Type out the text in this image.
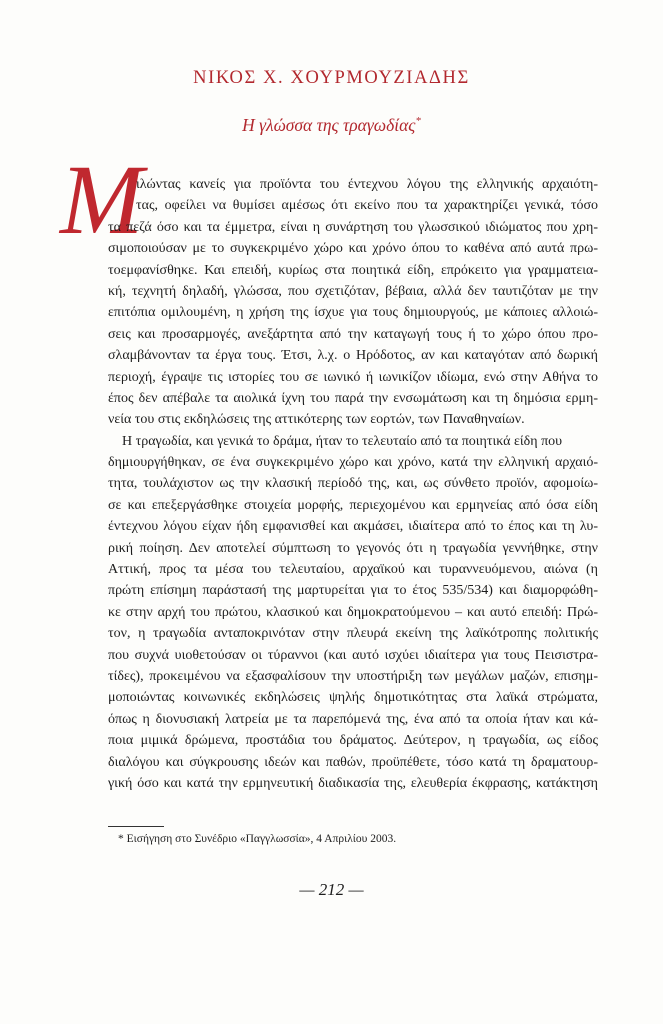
ΝΙΚΟΣ Χ. ΧΟΥΡΜΟΥΖΙΑΔΗΣ
Η γλώσσα της τραγωδίας*
Μ
ιλώντας κανείς για προϊόντα του έντεχνου λόγου της ελληνικής αρχαιότη-
τας, οφείλει να θυμίσει αμέσως ότι εκείνο που τα χαρακτηρίζει γενικά, τόσο
τα πεζά όσο και τα έμμετρα, είναι η συνάρτηση του γλωσσικού ιδιώματος που χρη-
σιμοποιούσαν με το συγκεκριμένο χώρο και χρόνο όπου το καθένα από αυτά πρω-
τοεμφανίσθηκε. Και επειδή, κυρίως στα ποιητικά είδη, επρόκειτο για γραμματεια-
κή, τεχνητή δηλαδή, γλώσσα, που σχετιζόταν, βέβαια, αλλά δεν ταυτιζόταν με την
επιτόπια ομιλουμένη, η χρήση της ίσχυε για τους δημιουργούς, με κάποιες αλλοιώ-
σεις και προσαρμογές, ανεξάρτητα από την καταγωγή τους ή το χώρο όπου προ-
σλαμβάνονταν τα έργα τους. Έτσι, λ.χ. ο Ηρόδοτος, αν και καταγόταν από δωρική
περιοχή, έγραψε τις ιστορίες του σε ιωνικό ή ιωνικίζον ιδίωμα, ενώ στην Αθήνα το
έπος δεν απέβαλε τα αιολικά ίχνη του παρά την ενσωμάτωση και τη δημόσια ερμη-
νεία του στις εκδηλώσεις της αττικότερης των εορτών, των Παναθηναίων.
Η τραγωδία, και γενικά το δράμα, ήταν το τελευταίο από τα ποιητικά είδη που
δημιουργήθηκαν, σε ένα συγκεκριμένο χώρο και χρόνο, κατά την ελληνική αρχαιό-
τητα, τουλάχιστον ως την κλασική περίοδό της, και, ως σύνθετο προϊόν, αφομοίω-
σε και επεξεργάσθηκε στοιχεία μορφής, περιεχομένου και ερμηνείας από όσα είδη
έντεχνου λόγου είχαν ήδη εμφανισθεί και ακμάσει, ιδιαίτερα από το έπος και τη λυ-
ρική ποίηση. Δεν αποτελεί σύμπτωση το γεγονός ότι η τραγωδία γεννήθηκε, στην
Αττική, προς τα μέσα του τελευταίου, αρχαϊκού και τυραννευόμενου, αιώνα (η
πρώτη επίσημη παράστασή της μαρτυρείται για το έτος 535/534) και διαμορφώθη-
κε στην αρχή του πρώτου, κλασικού και δημοκρατούμενου – και αυτό επειδή: Πρώ-
τον, η τραγωδία ανταποκρινόταν στην πλευρά εκείνη της λαϊκότροπης πολιτικής
που συχνά υιοθετούσαν οι τύραννοι (και αυτό ισχύει ιδιαίτερα για τους Πεισιστρα-
τίδες), προκειμένου να εξασφαλίσουν την υποστήριξη των μεγάλων μαζών, επισημ-
μοποιώντας κοινωνικές εκδηλώσεις ψηλής δημοτικότητας στα λαϊκά στρώματα,
όπως η διονυσιακή λατρεία με τα παρεπόμενά της, ένα από τα οποία ήταν και κά-
ποια μιμικά δρώμενα, προστάδια του δράματος. Δεύτερον, η τραγωδία, ως είδος
διαλόγου και σύγκρουσης ιδεών και παθών, προϋπέθετε, τόσο κατά τη δραματουρ-
γική όσο και κατά την ερμηνευτική διαδικασία της, ελευθερία έκφρασης, κατάκτηση
* Εισήγηση στο Συνέδριο «Παγγλωσσία», 4 Απριλίου 2003.
— 212 —
